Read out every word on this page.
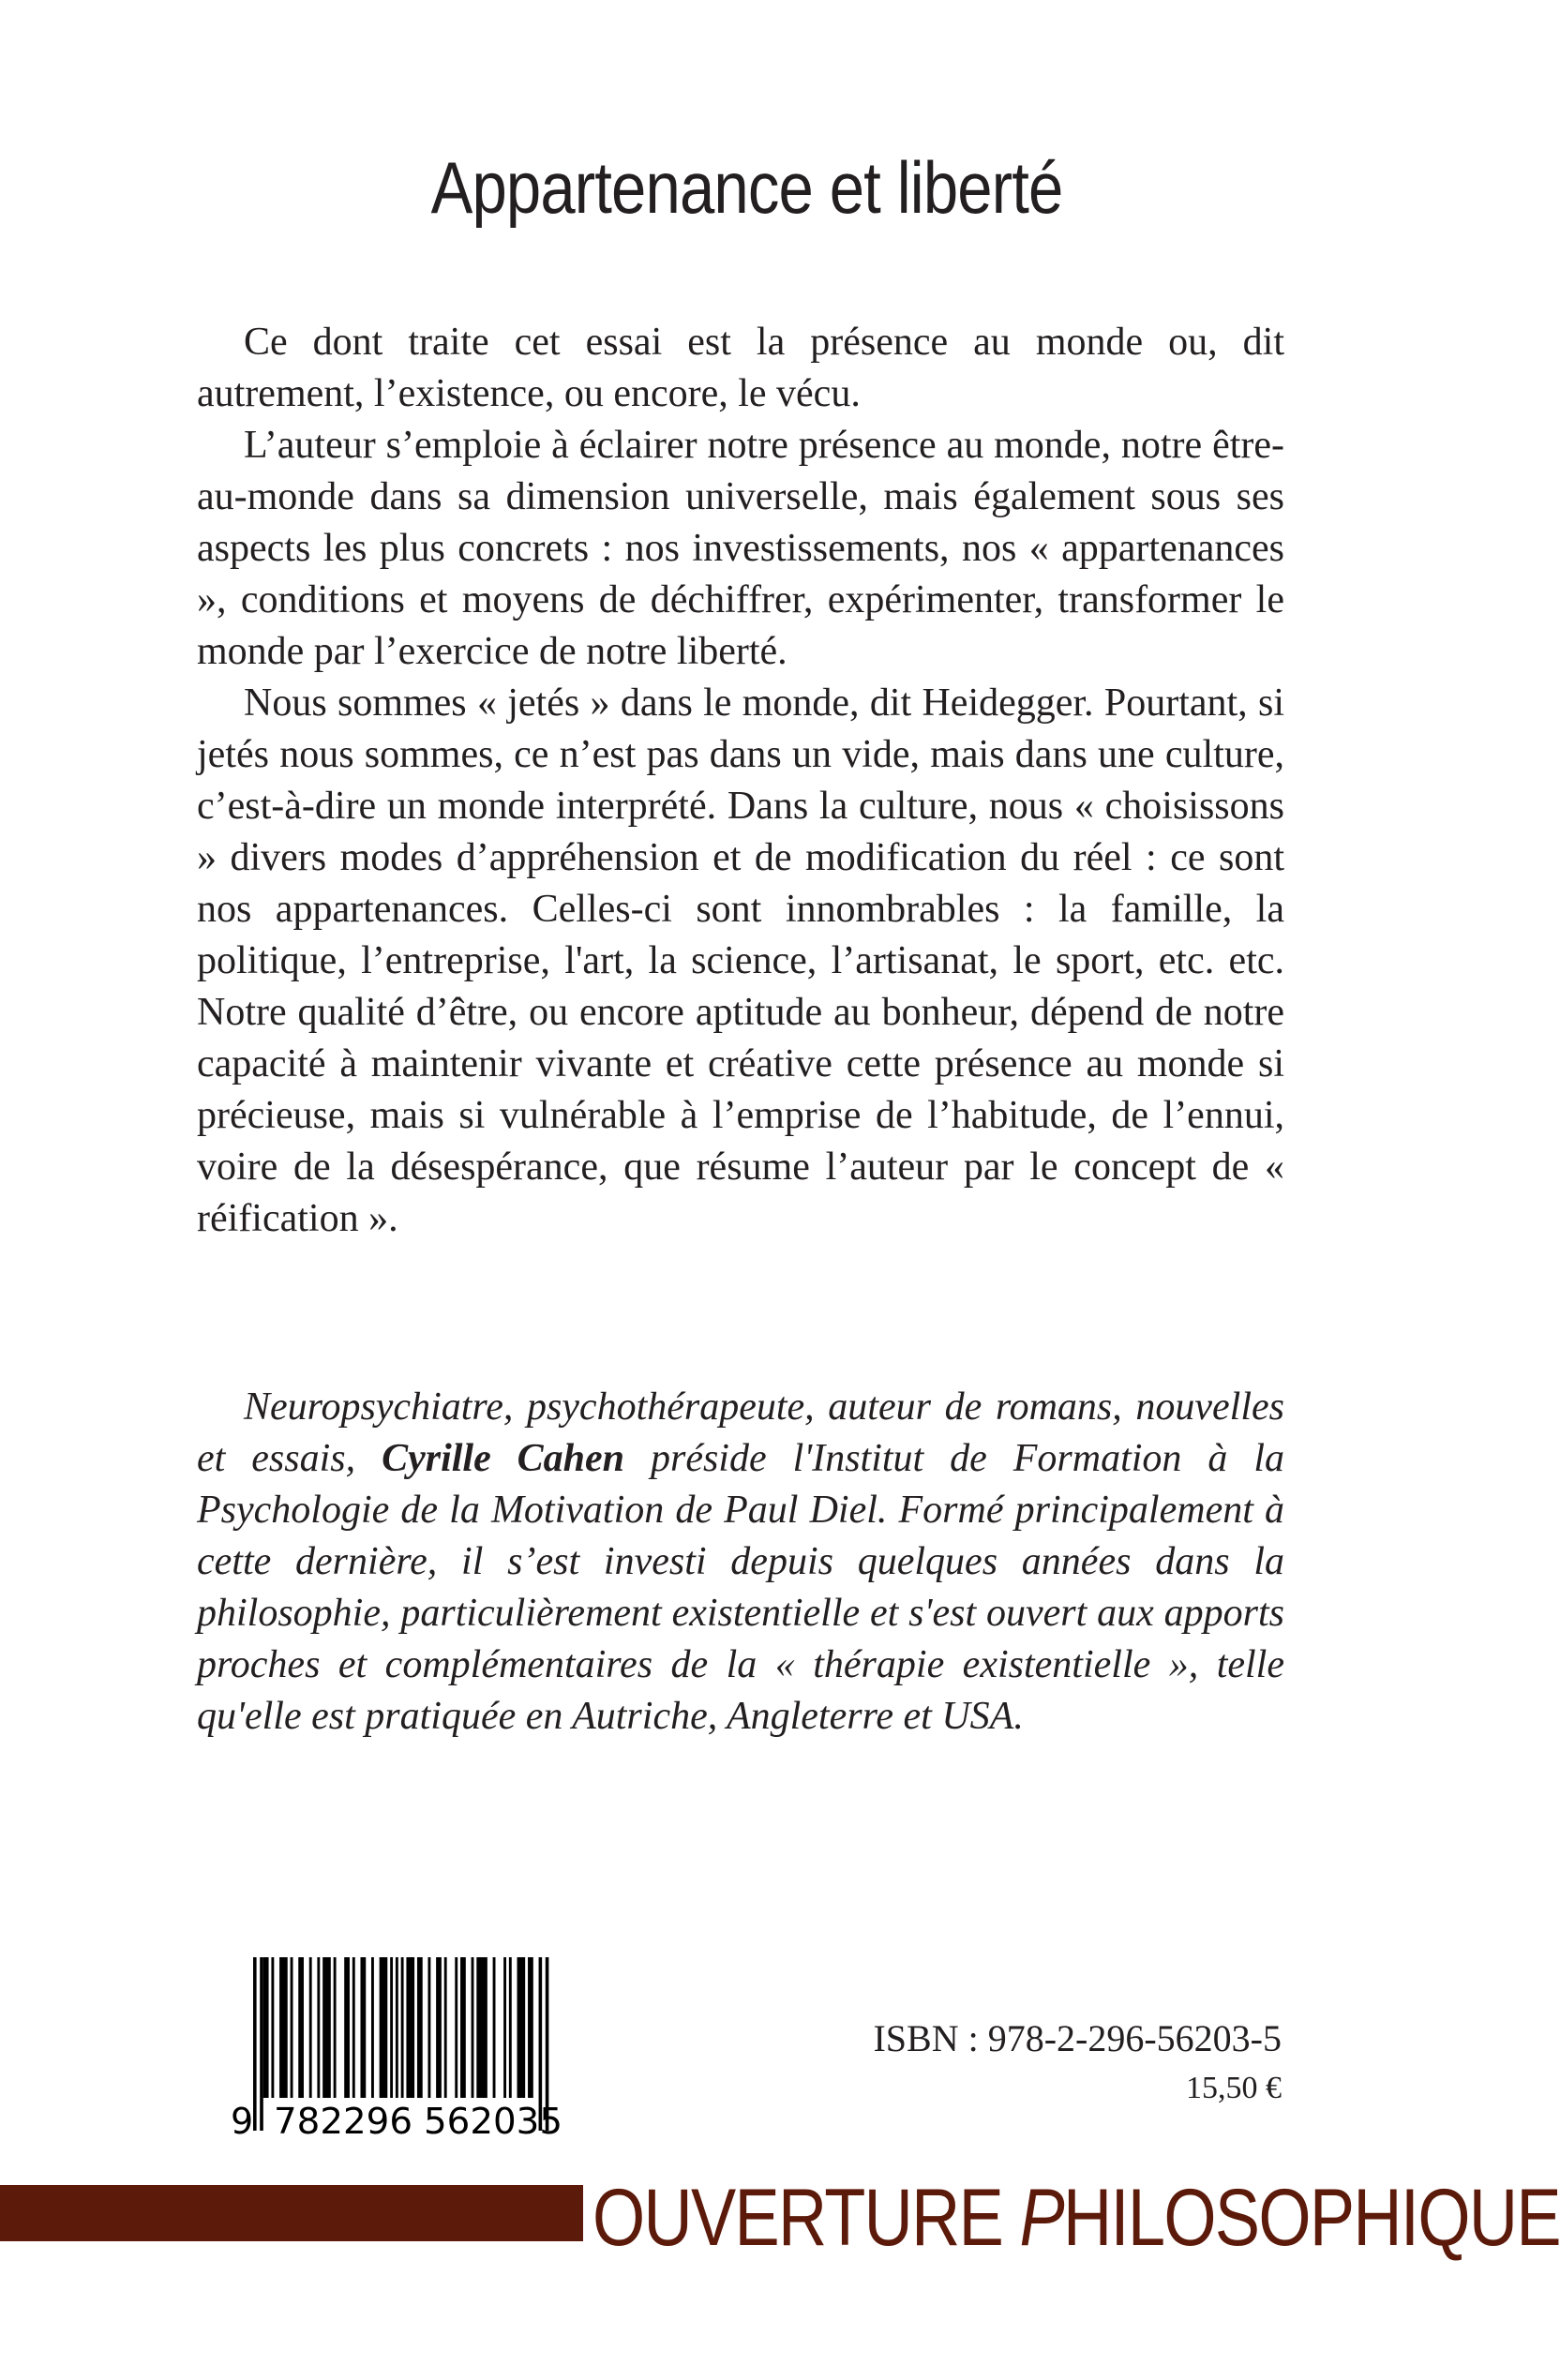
Appartenance et liberté

Ce dont traite cet essai est la présence au monde ou, dit autrement, l’existence, ou encore, le vécu.

L’auteur s’emploie à éclairer notre présence au monde, notre être-au-monde dans sa dimension universelle, mais également sous ses aspects les plus concrets : nos investissements, nos « appartenances », conditions et moyens de déchiffrer, expérimenter, transformer le monde par l’exercice de notre liberté.

Nous sommes « jetés » dans le monde, dit Heidegger. Pourtant, si jetés nous sommes, ce n’est pas dans un vide, mais dans une culture, c’est-à-dire un monde interprété. Dans la culture, nous « choisissons » divers modes d’appréhension et de modification du réel : ce sont nos appartenances. Celles-ci sont innombrables : la famille, la politique, l’entreprise, l'art, la science, l’artisanat, le sport, etc. etc. Notre qualité d’être, ou encore aptitude au bonheur, dépend de notre capacité à maintenir vivante et créative cette présence au monde si précieuse, mais si vulnérable à l’emprise de l’habitude, de l’ennui, voire de la désespérance, que résume l’auteur par le concept de « réification ».

Neuropsychiatre, psychothérapeute, auteur de romans, nouvelles et essais, Cyrille Cahen préside l'Institut de Formation à la Psychologie de la Motivation de Paul Diel. Formé principalement à cette dernière, il s’est investi depuis quelques années dans la philosophie, particulièrement existentielle et s'est ouvert aux apports proches et complémentaires de la « thérapie existentielle », telle qu'elle est pratiquée en Autriche, Angleterre et USA.

9 782296 562035

ISBN : 978-2-296-56203-5

15,50 €

OUVERTURE PHILOSOPHIQUE
